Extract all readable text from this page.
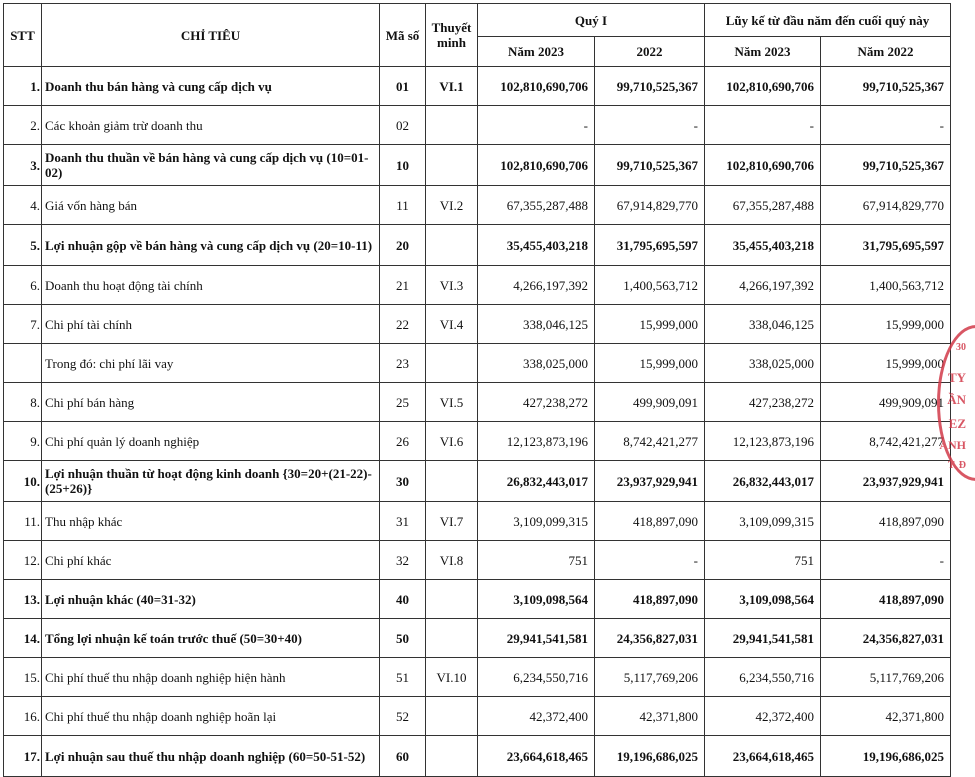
STT	CHỈ TIÊU	Mã số	Thuyết minh	Quý I		Lũy kế từ đầu năm đến cuối quý này	
				Năm 2023	2022	Năm 2023	Năm 2022
1.	Doanh thu bán hàng và cung cấp dịch vụ	01	VI.1	102,810,690,706	99,710,525,367	102,810,690,706	99,710,525,367
2.	Các khoản giảm trừ doanh thu	02		-	-	-	-
3.	Doanh thu thuần về bán hàng và cung cấp dịch vụ (10=01-02)	10		102,810,690,706	99,710,525,367	102,810,690,706	99,710,525,367
4.	Giá vốn hàng bán	11	VI.2	67,355,287,488	67,914,829,770	67,355,287,488	67,914,829,770
5.	Lợi nhuận gộp về bán hàng và cung cấp dịch vụ (20=10-11)	20		35,455,403,218	31,795,695,597	35,455,403,218	31,795,695,597
6.	Doanh thu hoạt động tài chính	21	VI.3	4,266,197,392	1,400,563,712	4,266,197,392	1,400,563,712
7.	Chi phí tài chính	22	VI.4	338,046,125	15,999,000	338,046,125	15,999,000
	Trong đó: chi phí lãi vay	23		338,025,000	15,999,000	338,025,000	15,999,000
8.	Chi phí bán hàng	25	VI.5	427,238,272	499,909,091	427,238,272	499,909,091
9.	Chi phí quản lý doanh nghiệp	26	VI.6	12,123,873,196	8,742,421,277	12,123,873,196	8,742,421,277
10.	Lợi nhuận thuần từ hoạt động kinh doanh {30=20+(21-22)-(25+26)}	30		26,832,443,017	23,937,929,941	26,832,443,017	23,937,929,941
11.	Thu nhập khác	31	VI.7	3,109,099,315	418,897,090	3,109,099,315	418,897,090
12.	Chi phí khác	32	VI.8	751	-	751	-
13.	Lợi nhuận khác (40=31-32)	40		3,109,098,564	418,897,090	3,109,098,564	418,897,090
14.	Tổng lợi nhuận kế toán trước thuế (50=30+40)	50		29,941,541,581	24,356,827,031	29,941,541,581	24,356,827,031
15.	Chi phí thuế thu nhập doanh nghiệp hiện hành	51	VI.10	6,234,550,716	5,117,769,206	6,234,550,716	5,117,769,206
16.	Chi phí thuế thu nhập doanh nghiệp hoãn lại	52		42,372,400	42,371,800	42,372,400	42,371,800
17.	Lợi nhuận sau thuế thu nhập doanh nghiệp (60=50-51-52)	60		23,664,618,465	19,196,686,025	23,664,618,465	19,196,686,025
30
TY
ẦN
EZ
ÀNH
T. Đ
